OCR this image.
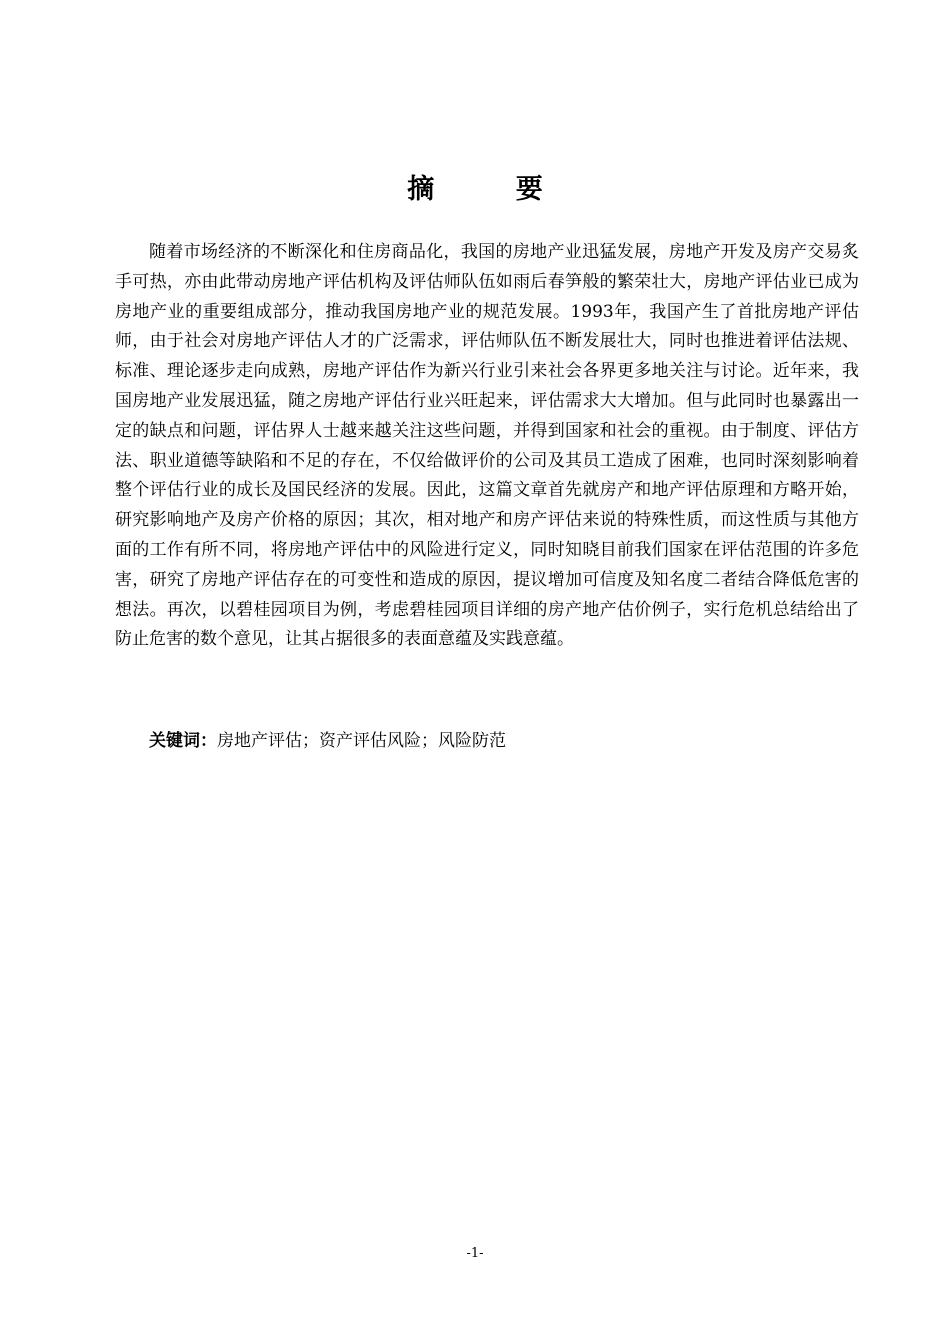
摘 要

随着市场经济的不断深化和住房商品化，我国的房地产业迅猛发展，房地产开发及房产交易炙手可热，亦由此带动房地产评估机构及评估师队伍如雨后春笋般的繁荣壮大，房地产评估业已成为房地产业的重要组成部分，推动我国房地产业的规范发展。1993年，我国产生了首批房地产评估师，由于社会对房地产评估人才的广泛需求，评估师队伍不断发展壮大，同时也推进着评估法规、标准、理论逐步走向成熟，房地产评估作为新兴行业引来社会各界更多地关注与讨论。近年来，我国房地产业发展迅猛，随之房地产评估行业兴旺起来，评估需求大大增加。但与此同时也暴露出一定的缺点和问题，评估界人士越来越关注这些问题，并得到国家和社会的重视。由于制度、评估方法、职业道德等缺陷和不足的存在，不仅给做评价的公司及其员工造成了困难，也同时深刻影响着整个评估行业的成长及国民经济的发展。因此，这篇文章首先就房产和地产评估原理和方略开始，研究影响地产及房产价格的原因；其次，相对地产和房产评估来说的特殊性质，而这性质与其他方面的工作有所不同，将房地产评估中的风险进行定义，同时知晓目前我们国家在评估范围的许多危害，研究了房地产评估存在的可变性和造成的原因，提议增加可信度及知名度二者结合降低危害的想法。再次，以碧桂园项目为例，考虑碧桂园项目详细的房产地产估价例子，实行危机总结给出了防止危害的数个意见，让其占据很多的表面意蕴及实践意蕴。

关键词：房地产评估；资产评估风险；风险防范

-1-
